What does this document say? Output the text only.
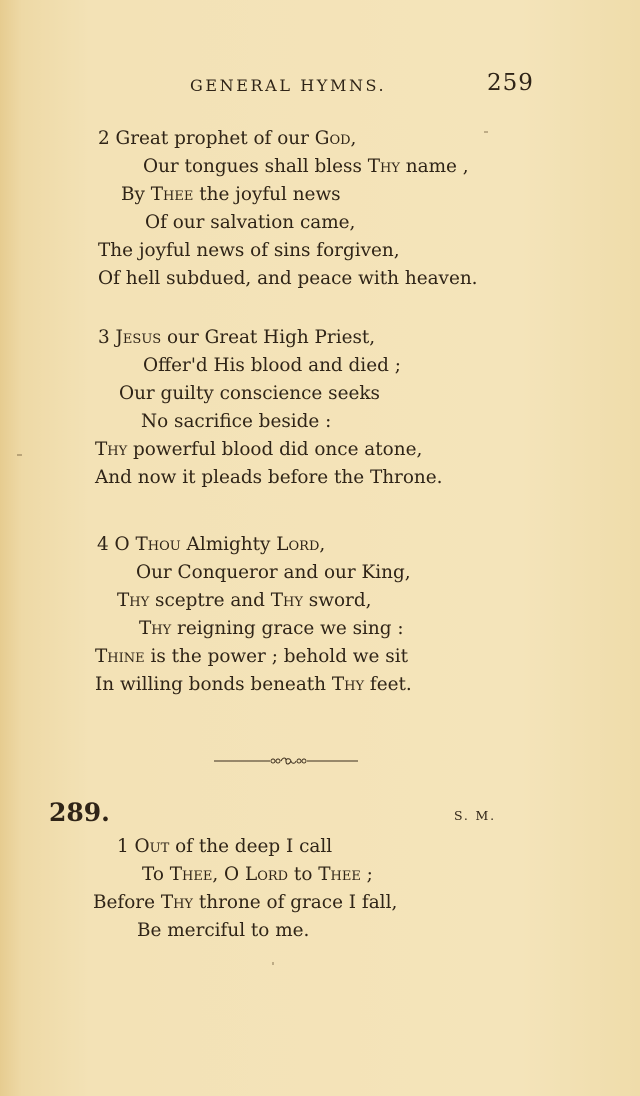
GENERAL HYMNS.	259
2 Great prophet of our God,
Our tongues shall bless Thy name ,
By Thee the joyful news
Of our salvation came,
The joyful news of sins forgiven,
Of hell subdued, and peace with heaven.
3 Jesus our Great High Priest,
Offer'd His blood and died ;
Our guilty conscience seeks
No sacrifice beside :
Thy powerful blood did once atone,
And now it pleads before the Throne.
4 O Thou Almighty Lord,
Our Conqueror and our King,
Thy sceptre and Thy sword,
Thy reigning grace we sing :
Thine is the power ; behold we sit
In willing bonds beneath Thy feet.
289.	S. M.
1 Out of the deep I call
To Thee, O Lord to Thee ;
Before Thy throne of grace I fall,
Be merciful to me.
